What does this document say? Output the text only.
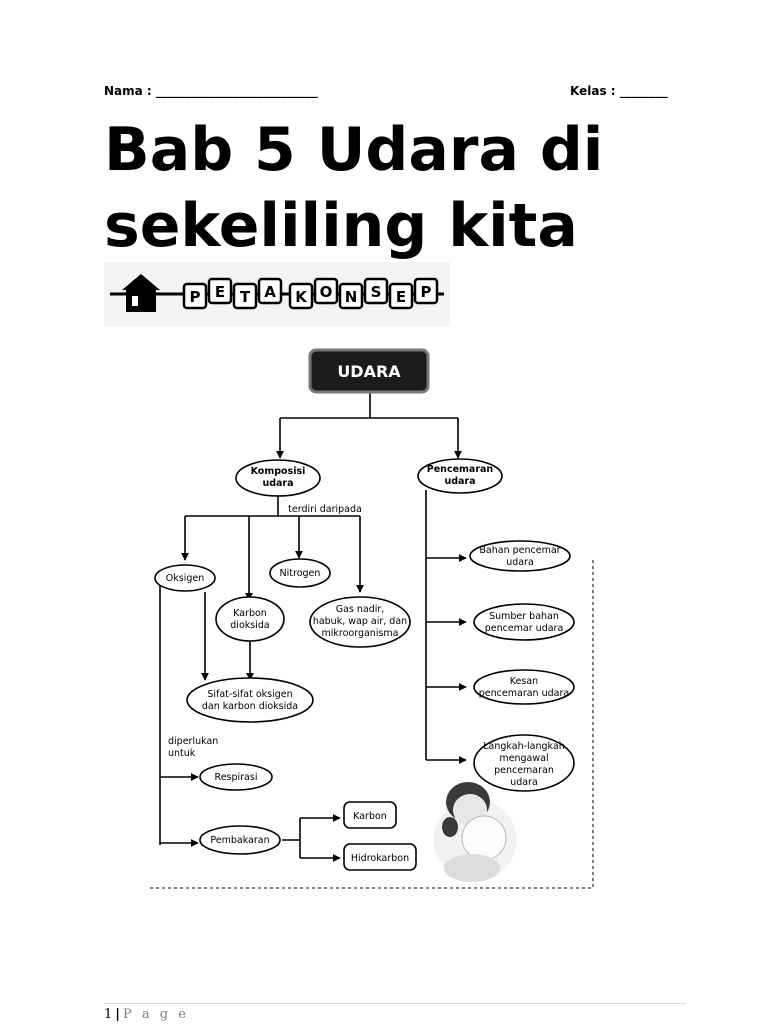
Nama : ___________________________	Kelas : ________
Bab 5 Udara di
sekeliling kita
P E T A K O N S E P
UDARA
Komposisi
udara
Pencemaran
udara
terdiri daripada
Oksigen	Nitrogen
Karbon
dioksida
Gas nadir,
habuk, wap air, dan
mikroorganisma
Sifat-sifat oksigen
dan karbon dioksida
diperlukan
untuk
Respirasi
Pembakaran
Karbon
Hidrokarbon
Bahan pencemar
udara
Sumber bahan
pencemar udara
Kesan
pencemaran udara
Langkah-langkah
mengawal
pencemaran
udara
1 | P a g e
